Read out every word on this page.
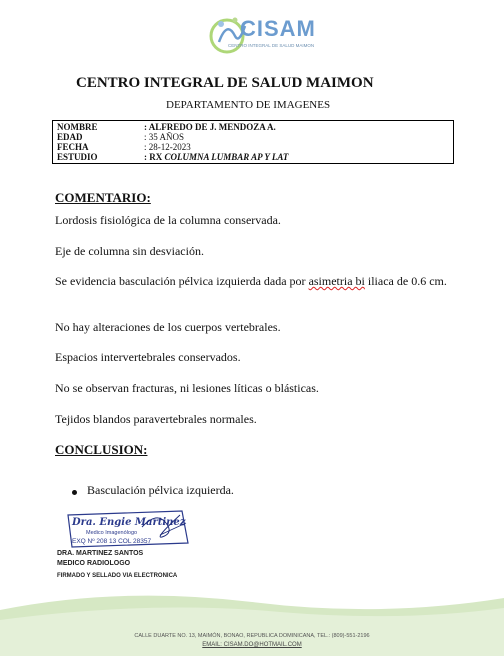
CISAM
CENTRO INTEGRAL DE SALUD MAIMON
CENTRO INTEGRAL DE SALUD MAIMON
DEPARTAMENTO DE IMAGENES
NOMBRE	: ALFREDO DE J. MENDOZA A.
EDAD	: 35 AÑOS
FECHA	: 28-12-2023
ESTUDIO	: RX COLUMNA LUMBAR AP Y LAT
COMENTARIO:
Lordosis fisiológica de la columna conservada.
Eje de columna sin desviación.
Se evidencia basculación pélvica izquierda dada por asimetria bi iliaca de 0.6 cm.
No hay alteraciones de los cuerpos vertebrales.
Espacios intervertebrales conservados.
No se observan fracturas, ni lesiones líticas o blásticas.
Tejidos blandos paravertebrales normales.
CONCLUSION:
Basculación pélvica izquierda.
Dra. Engie Martinez
Medico Imagenólogo
EXQ Nº 208 13 COL 28357
DRA. MARTINEZ SANTOS
MEDICO RADIOLOGO
FIRMADO Y SELLADO VIA ELECTRONICA
CALLE DUARTE NO. 13, MAIMÓN, BONAO, REPUBLICA DOMINICANA, TEL.: (809)-551-2196
EMAIL: CISAM.DO@HOTMAIL.COM
